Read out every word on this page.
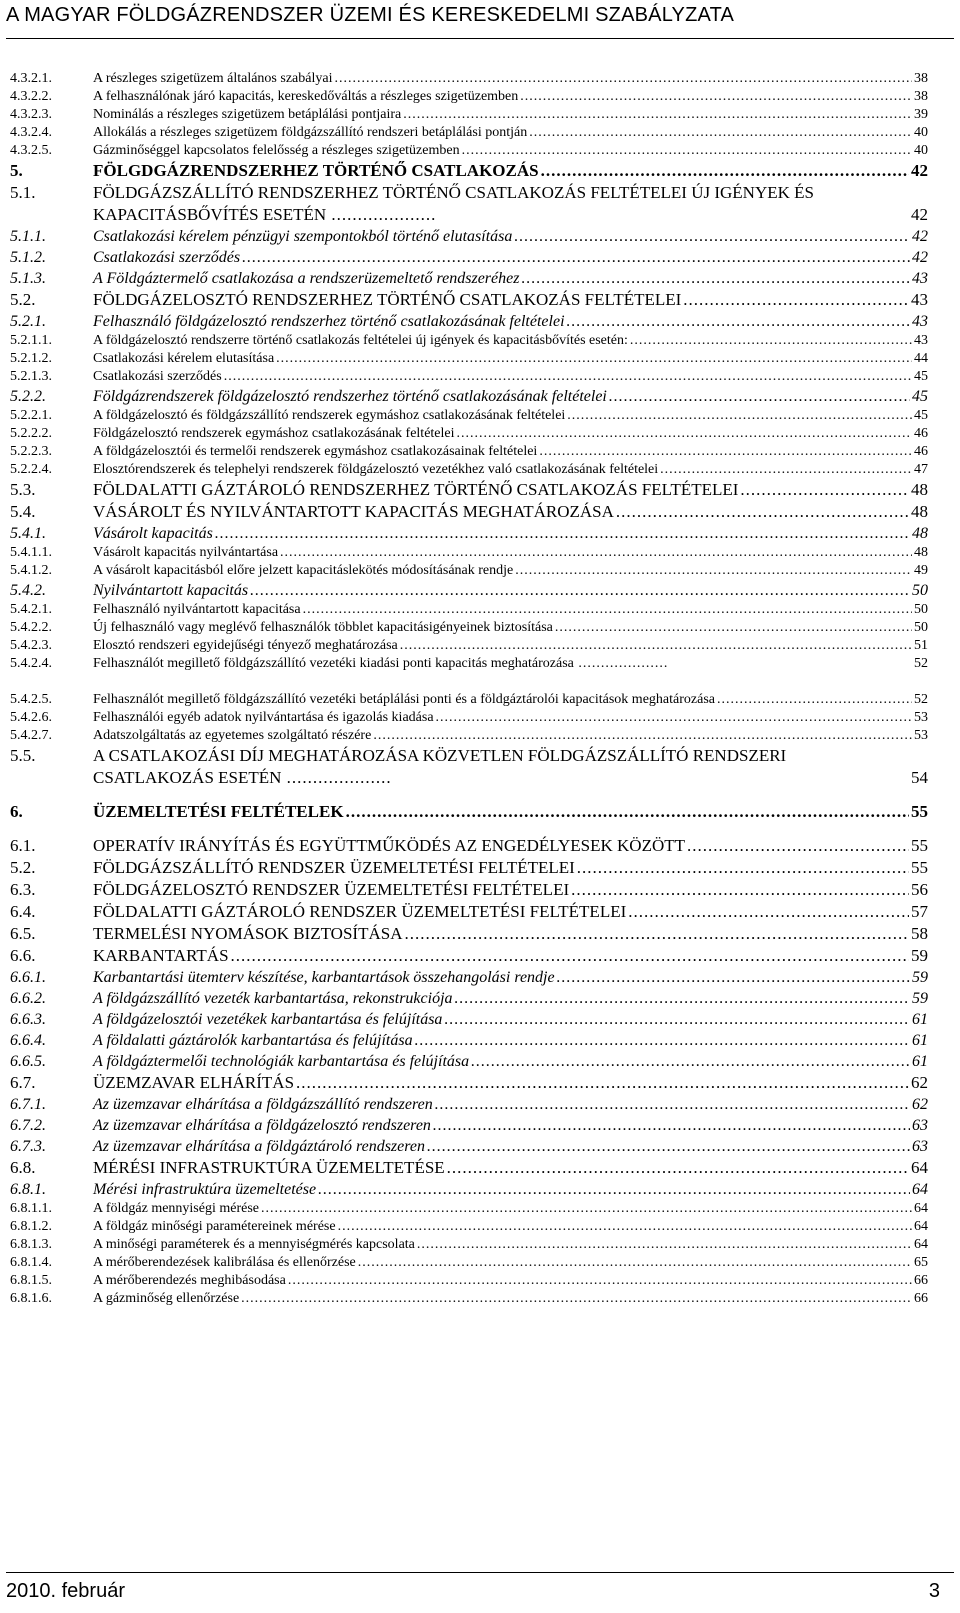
A MAGYAR FÖLDGÁZRENDSZER ÜZEMI ÉS KERESKEDELMI SZABÁLYZATA
4.3.2.1.	A részleges szigetüzem általános szabályai .....	38
4.3.2.2.	A felhasználónak járó kapacitás, kereskedőváltás a részleges szigetüzemben .....	38
4.3.2.3.	Nominálás a részleges szigetüzem betáplálási pontjaira .....	39
4.3.2.4.	Allokálás a részleges szigetüzem földgázszállító rendszeri betáplálási pontján .....	40
4.3.2.5.	Gázminőséggel kapcsolatos felelősség a részleges szigetüzemben .....	40
5.	FÖLGDGÁZRENDSZERHEZ TÖRTÉNŐ CSATLAKOZÁS .....	42
5.1.	FÖLDGÁZSZÁLLÍTÓ RENDSZERHEZ TÖRTÉNŐ CSATLAKOZÁS FELTÉTELEI ÚJ IGÉNYEK ÉS KAPACITÁSBŐVÍTÉS ESETÉN ....................	42
5.1.1.	Csatlakozási kérelem pénzügyi szempontokból történő elutasítása .....	42
5.1.2.	Csatlakozási szerződés .....	42
5.1.3.	A Földgáztermelő csatlakozása a rendszerüzemeltető rendszeréhez .....	43
5.2.	FÖLDGÁZELOSZTÓ RENDSZERHEZ TÖRTÉNŐ CSATLAKOZÁS FELTÉTELEI .....	43
5.2.1.	Felhasználó földgázelosztó rendszerhez történő csatlakozásának feltételei .....	43
5.2.1.1.	A földgázelosztó rendszerre történő csatlakozás feltételei új igények és kapacitásbővítés esetén: .....	43
5.2.1.2.	Csatlakozási kérelem elutasítása .....	44
5.2.1.3.	Csatlakozási szerződés .....	45
5.2.2.	Földgázrendszerek földgázelosztó rendszerhez történő csatlakozásának feltételei .....	45
5.2.2.1.	A földgázelosztó és földgázszállító rendszerek egymáshoz csatlakozásának feltételei .....	45
5.2.2.2.	Földgázelosztó rendszerek egymáshoz csatlakozásának feltételei .....	46
5.2.2.3.	A földgázelosztói és termelői rendszerek egymáshoz csatlakozásainak feltételei .....	46
5.2.2.4.	Elosztórendszerek és telephelyi rendszerek földgázelosztó vezetékhez való csatlakozásának feltételei .....	47
5.3.	FÖLDALATTI GÁZTÁROLÓ RENDSZERHEZ TÖRTÉNŐ CSATLAKOZÁS FELTÉTELEI .....	48
5.4.	VÁSÁROLT ÉS NYILVÁNTARTOTT KAPACITÁS MEGHATÁROZÁSA .....	48
5.4.1.	Vásárolt kapacitás .....	48
5.4.1.1.	Vásárolt kapacitás nyilvántartása .....	48
5.4.1.2.	A vásárolt kapacitásból előre jelzett kapacitáslekötés módosításának rendje .....	49
5.4.2.	Nyilvántartott kapacitás .....	50
5.4.2.1.	Felhasználó nyilvántartott kapacitása .....	50
5.4.2.2.	Új felhasználó vagy meglévő felhasználók többlet kapacitásigényeinek biztosítása .....	50
5.4.2.3.	Elosztó rendszeri egyidejűségi tényező meghatározása .....	51
5.4.2.4.	Felhasználót megillető földgázszállító vezetéki kiadási ponti kapacitás meghatározása ....................	52
5.4.2.5.	Felhasználót megillető földgázszállító vezetéki betáplálási ponti és a földgáztárolói kapacitások meghatározása .....	52
5.4.2.6.	Felhasználói egyéb adatok nyilvántartása és igazolás kiadása .....	53
5.4.2.7.	Adatszolgáltatás az egyetemes szolgáltató részére .....	53
5.5.	A CSATLAKOZÁSI DÍJ MEGHATÁROZÁSA KÖZVETLEN FÖLDGÁZSZÁLLÍTÓ RENDSZERI CSATLAKOZÁS ESETÉN ....................	54
6.	ÜZEMELTETÉSI FELTÉTELEK .....	55
6.1.	OPERATÍV IRÁNYÍTÁS ÉS EGYÜTTMŰKÖDÉS AZ ENGEDÉLYESEK KÖZÖTT .....	55
5.2.	FÖLDGÁZSZÁLLÍTÓ RENDSZER ÜZEMELTETÉSI FELTÉTELEI .....	55
6.3.	FÖLDGÁZELOSZTÓ RENDSZER ÜZEMELTETÉSI FELTÉTELEI .....	56
6.4.	FÖLDALATTI GÁZTÁROLÓ RENDSZER ÜZEMELTETÉSI FELTÉTELEI .....	57
6.5.	TERMELÉSI NYOMÁSOK BIZTOSÍTÁSA .....	58
6.6.	KARBANTARTÁS .....	59
6.6.1.	Karbantartási ütemterv készítése, karbantartások összehangolási rendje .....	59
6.6.2.	A földgázszállító vezeték karbantartása, rekonstrukciója .....	59
6.6.3.	A földgázelosztói vezetékek karbantartása és felújítása .....	61
6.6.4.	A földalatti gáztárolók karbantartása és felújítása .....	61
6.6.5.	A földgáztermelői technológiák karbantartása és felújítása .....	61
6.7.	ÜZEMZAVAR ELHÁRÍTÁS .....	62
6.7.1.	Az üzemzavar elhárítása a földgázszállító rendszeren .....	62
6.7.2.	Az üzemzavar elhárítása a földgázelosztó rendszeren .....	63
6.7.3.	Az üzemzavar elhárítása a földgáztároló rendszeren .....	63
6.8.	MÉRÉSI INFRASTRUKTÚRA ÜZEMELTETÉSE .....	64
6.8.1.	Mérési infrastruktúra üzemeltetése .....	64
6.8.1.1.	A földgáz mennyiségi mérése .....	64
6.8.1.2.	A földgáz minőségi paramétereinek mérése .....	64
6.8.1.3.	A minőségi paraméterek és a mennyiségmérés kapcsolata .....	64
6.8.1.4.	A mérőberendezések kalibrálása és ellenőrzése .....	65
6.8.1.5.	A mérőberendezés meghibásodása .....	66
6.8.1.6.	A gázminőség ellenőrzése .....	66
2010. február	3
